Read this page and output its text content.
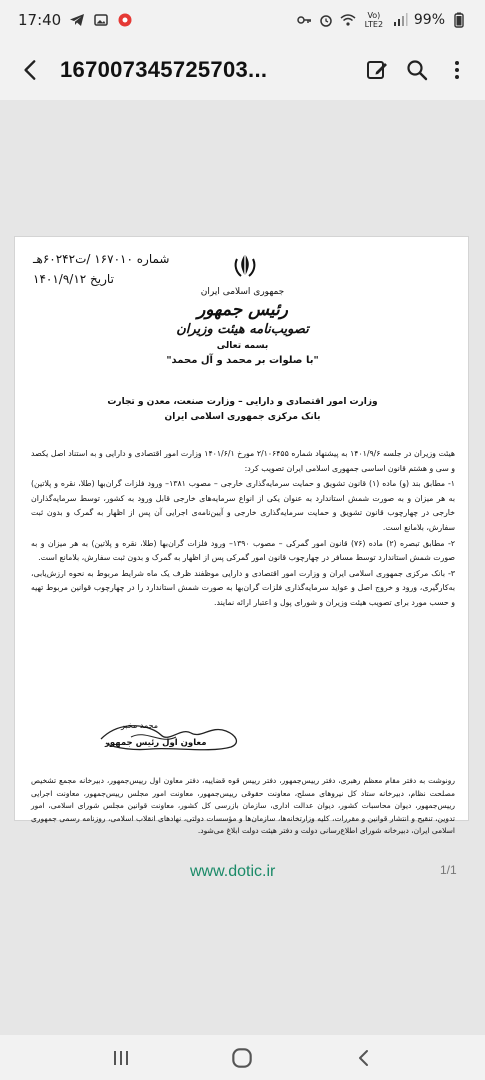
17:40	Vo) LTE2 99%
167007345725703...
شماره ۱۶۷۰۱۰ /ت۶۰۲۴۲هـ
تاریخ ۱۴۰۱/۹/۱۲
جمهوری اسلامی ایران
رئیس جمهور
تصویب‌نامه هیئت وزیران
بسمه تعالی
"با صلوات بر محمد و آل محمد"
وزارت امور اقتصادی و دارایی – وزارت صنعت، معدن و تجارت
بانک مرکزی جمهوری اسلامی ایران

هیئت وزیران در جلسه ۱۴۰۱/۹/۶ به پیشنهاد شماره ۲/۱۰۶۴۵۵ مورخ ۱۴۰۱/۶/۱ وزارت امور اقتصادی و دارایی و به استناد اصل یکصد و سی و هشتم قانون اساسی جمهوری اسلامی ایران تصویب کرد:

۱- مطابق بند (و) ماده (۱) قانون تشویق و حمایت سرمایه‌گذاری خارجی – مصوب ۱۳۸۱– ورود فلزات گران‌بها (طلا، نقره و پلاتین) به هر میزان و به صورت شمش استاندارد به عنوان یکی از انواع سرمایه‌های خارجی قابل ورود به کشور، توسط سرمایه‌گذاران خارجی در چهارچوب قانون تشویق و حمایت سرمایه‌گذاری خارجی و آیین‌نامه‌ی اجرایی آن پس از اظهار به گمرک و بدون ثبت سفارش، بلامانع است.

۲- مطابق تبصره (۲) ماده (۷۶) قانون امور گمرکی – مصوب ۱۳۹۰– ورود فلزات گران‌بها (طلا، نقره و پلاتین) به هر میزان و به صورت شمش استاندارد توسط مسافر در چهارچوب قانون امور گمرکی پس از اظهار به گمرک و بدون ثبت سفارش، بلامانع است.

۳- بانک مرکزی جمهوری اسلامی ایران و وزارت امور اقتصادی و دارایی موظفند ظرف یک ماه شرایط مربوط به نحوه ارزش‌یابی، به‌کارگیری، ورود و خروج اصل و عواید سرمایه‌گذاری فلزات گران‌بها به صورت شمش استاندارد را در چهارچوب قوانین مربوط تهیه و حسب مورد برای تصویب هیئت وزیران و شورای پول و اعتبار ارائه نمایند.

محمد مخبر
معاون اول رئیس جمهور
رونوشت به دفتر مقام معظم رهبری، دفتر رییس‌جمهور، دفتر رییس قوه قضاییه، دفتر معاون اول رییس‌جمهور، دبیرخانه مجمع تشخیص مصلحت نظام، دبیرخانه ستاد کل نیروهای مسلح، معاونت حقوقی رییس‌جمهور، معاونت امور مجلس رییس‌جمهور، معاونت اجرایی رییس‌جمهور، دیوان محاسبات کشور، دیوان عدالت اداری، سازمان بازرسی کل کشور، معاونت قوانین مجلس شورای اسلامی، امور تدوین، تنقیح و انتشار قوانین و مقررات، کلیه وزارتخانه‌ها، سازمان‌ها و مؤسسات دولتی، نهادهای انقلاب اسلامی، روزنامه رسمی جمهوری اسلامی ایران، دبیرخانه شورای اطلاع‌رسانی دولت و دفتر هیئت دولت ابلاغ می‌شود.
www.dotic.ir	1/1
